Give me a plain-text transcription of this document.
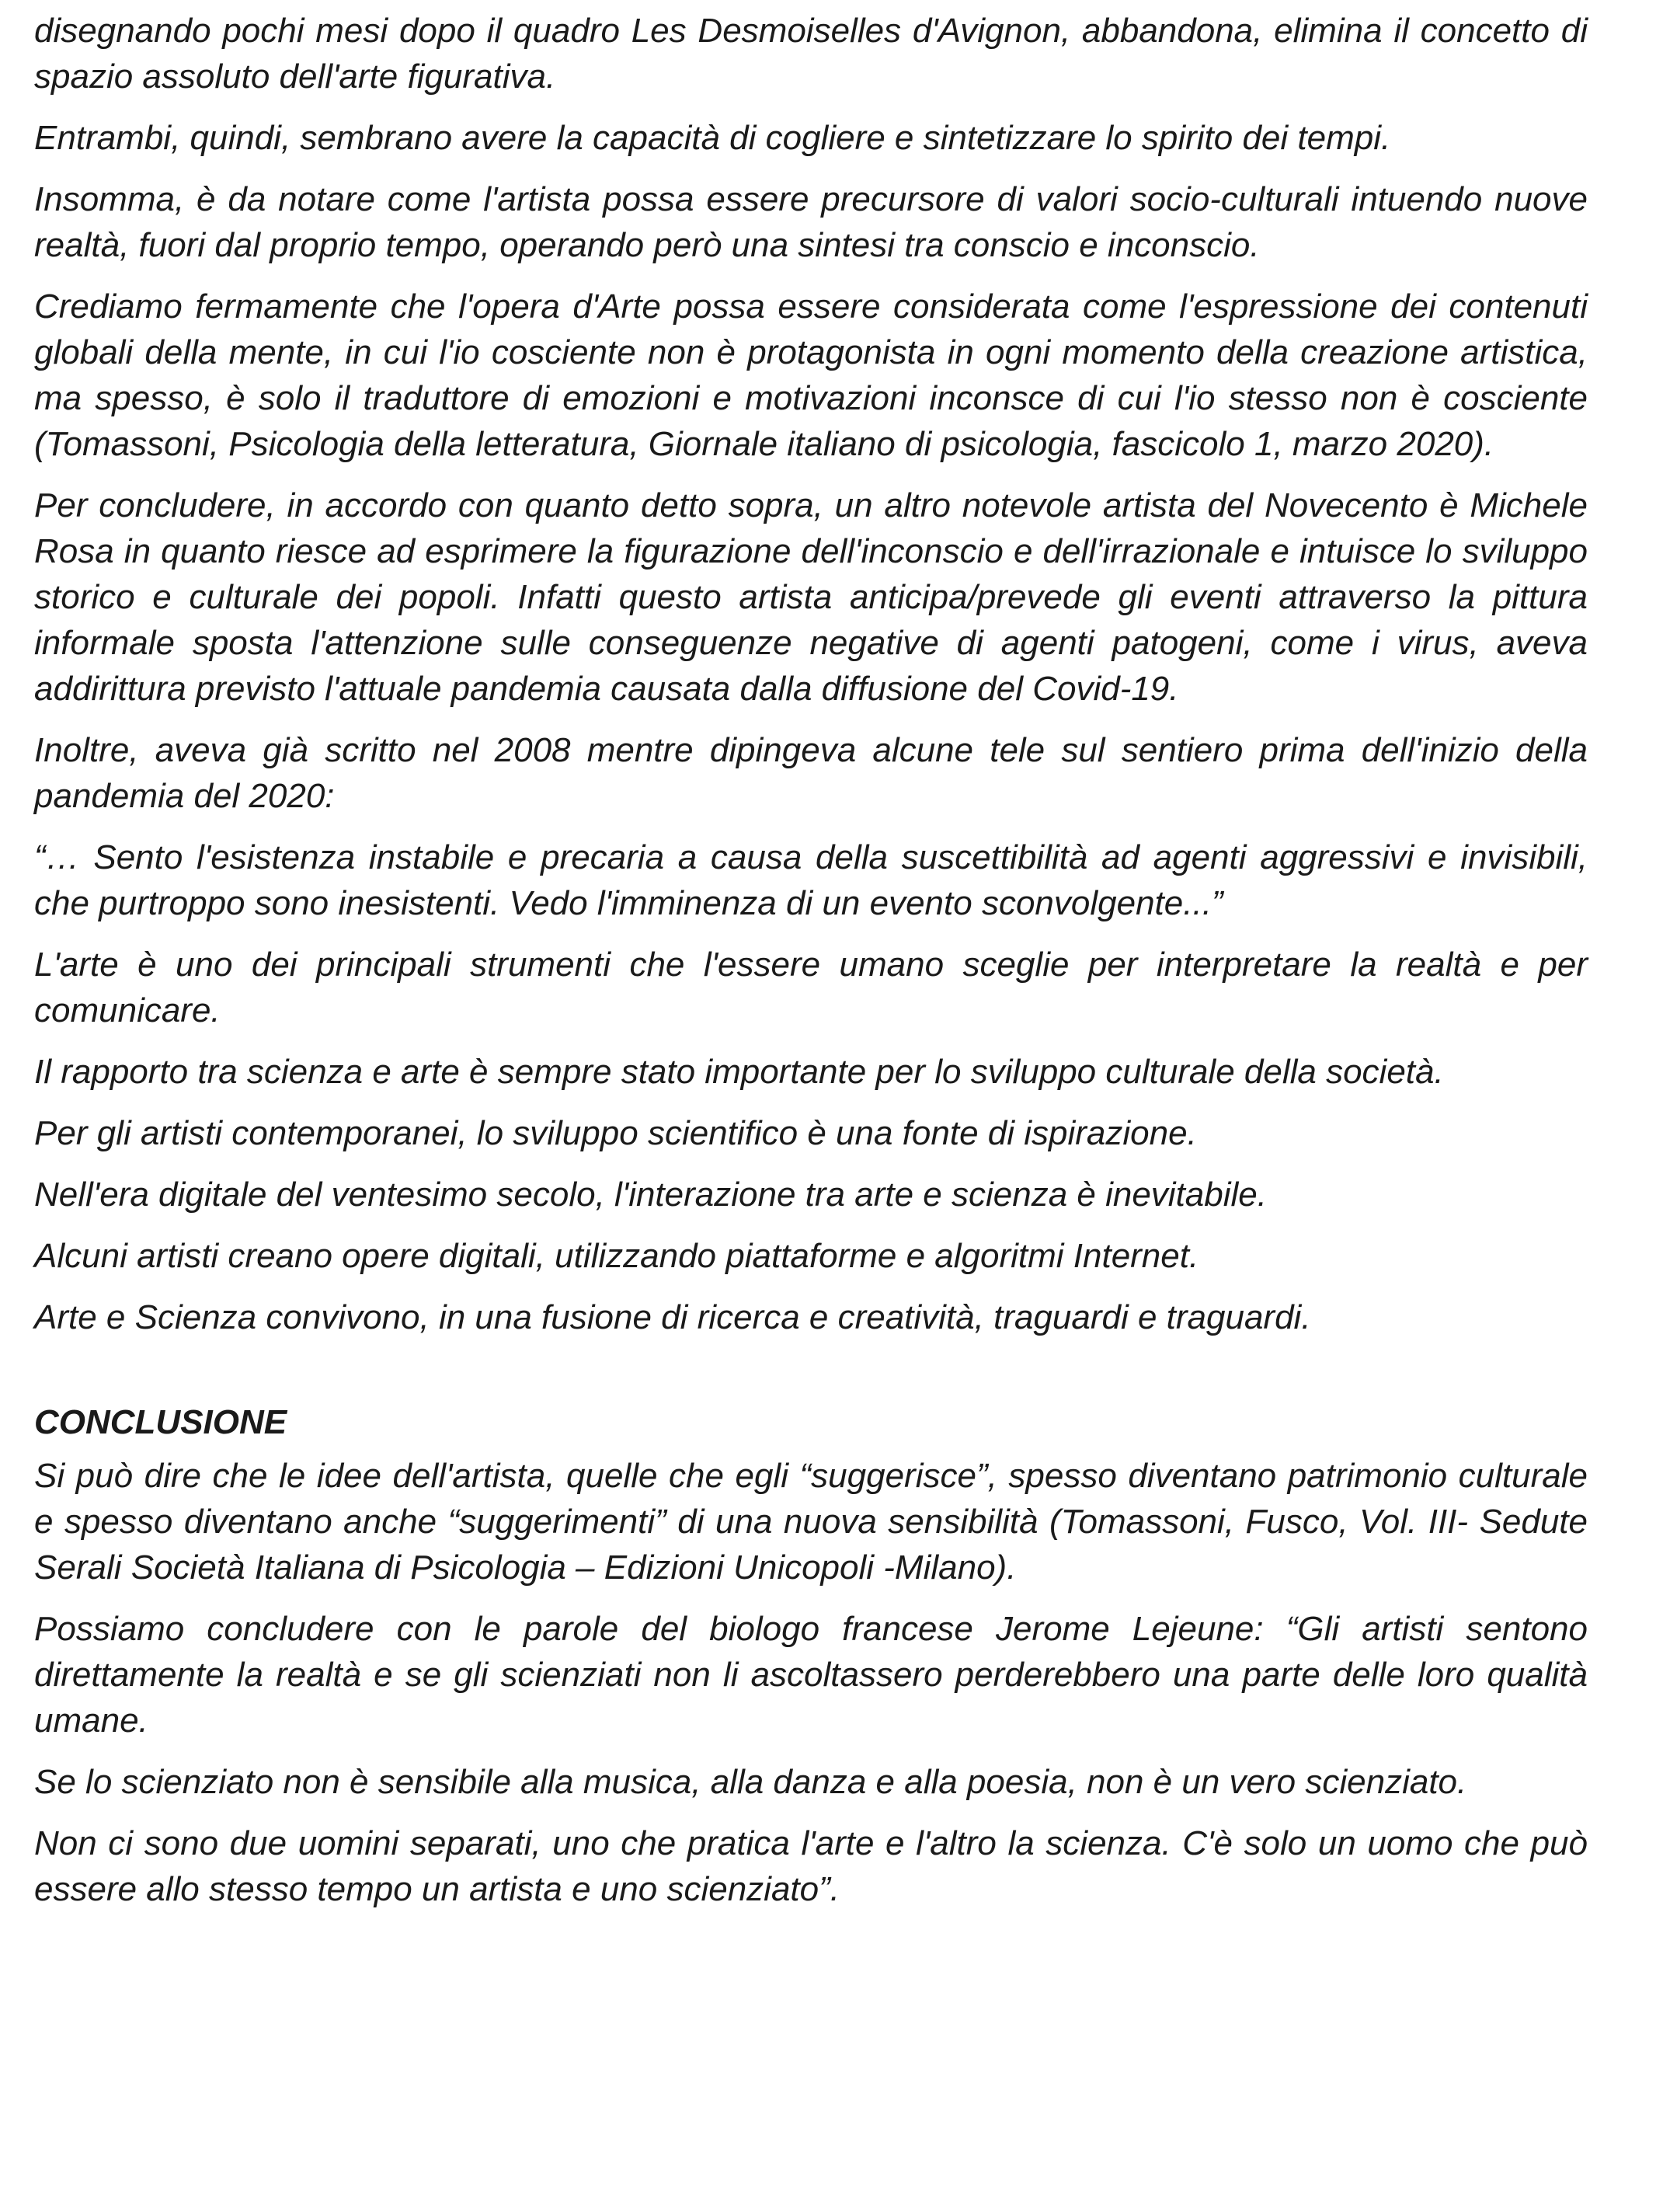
disegnando pochi mesi dopo il quadro Les Desmoiselles d'Avignon, abbandona, elimina il concetto di spazio assoluto dell'arte figurativa.

Entrambi, quindi, sembrano avere la capacità di cogliere e sintetizzare lo spirito dei tempi.

Insomma, è da notare come l'artista possa essere precursore di valori socio-culturali intuendo nuove realtà, fuori dal proprio tempo, operando però una sintesi tra conscio e inconscio.

Crediamo fermamente che l'opera d'Arte possa essere considerata come l'espressione dei contenuti globali della mente, in cui l'io cosciente non è protagonista in ogni momento della creazione artistica, ma spesso, è solo il traduttore di emozioni e motivazioni inconsce di cui l'io stesso non è cosciente (Tomassoni, Psicologia della letteratura, Giornale italiano di psicologia, fascicolo 1, marzo 2020).

Per concludere, in accordo con quanto detto sopra, un altro notevole artista del Novecento è Michele Rosa in quanto riesce ad esprimere la figurazione dell'inconscio e dell'irrazionale e intuisce lo sviluppo storico e culturale dei popoli. Infatti questo artista anticipa/prevede gli eventi attraverso la pittura informale sposta l'attenzione sulle conseguenze negative di agenti patogeni, come i virus, aveva addirittura previsto l'attuale pandemia causata dalla diffusione del Covid-19.

Inoltre, aveva già scritto nel 2008 mentre dipingeva alcune tele sul sentiero prima dell'inizio della pandemia del 2020:

“… Sento l'esistenza instabile e precaria a causa della suscettibilità ad agenti aggressivi e invisibili, che purtroppo sono inesistenti. Vedo l'imminenza di un evento sconvolgente...”

L'arte è uno dei principali strumenti che l'essere umano sceglie per interpretare la realtà e per comunicare.

Il rapporto tra scienza e arte è sempre stato importante per lo sviluppo culturale della società.

Per gli artisti contemporanei, lo sviluppo scientifico è una fonte di ispirazione.

Nell'era digitale del ventesimo secolo, l'interazione tra arte e scienza è inevitabile.

Alcuni artisti creano opere digitali, utilizzando piattaforme e algoritmi Internet.

Arte e Scienza convivono, in una fusione di ricerca e creatività, traguardi e traguardi.

CONCLUSIONE

Si può dire che le idee dell'artista, quelle che egli “suggerisce”, spesso diventano patrimonio culturale e spesso diventano anche “suggerimenti” di una nuova sensibilità (Tomassoni, Fusco, Vol. III- Sedute Serali Società Italiana di Psicologia – Edizioni Unicopoli -Milano).

Possiamo concludere con le parole del biologo francese Jerome Lejeune: “Gli artisti sentono direttamente la realtà e se gli scienziati non li ascoltassero perderebbero una parte delle loro qualità umane.

Se lo scienziato non è sensibile alla musica, alla danza e alla poesia, non è un vero scienziato.

Non ci sono due uomini separati, uno che pratica l'arte e l'altro la scienza. C'è solo un uomo che può essere allo stesso tempo un artista e uno scienziato”.
